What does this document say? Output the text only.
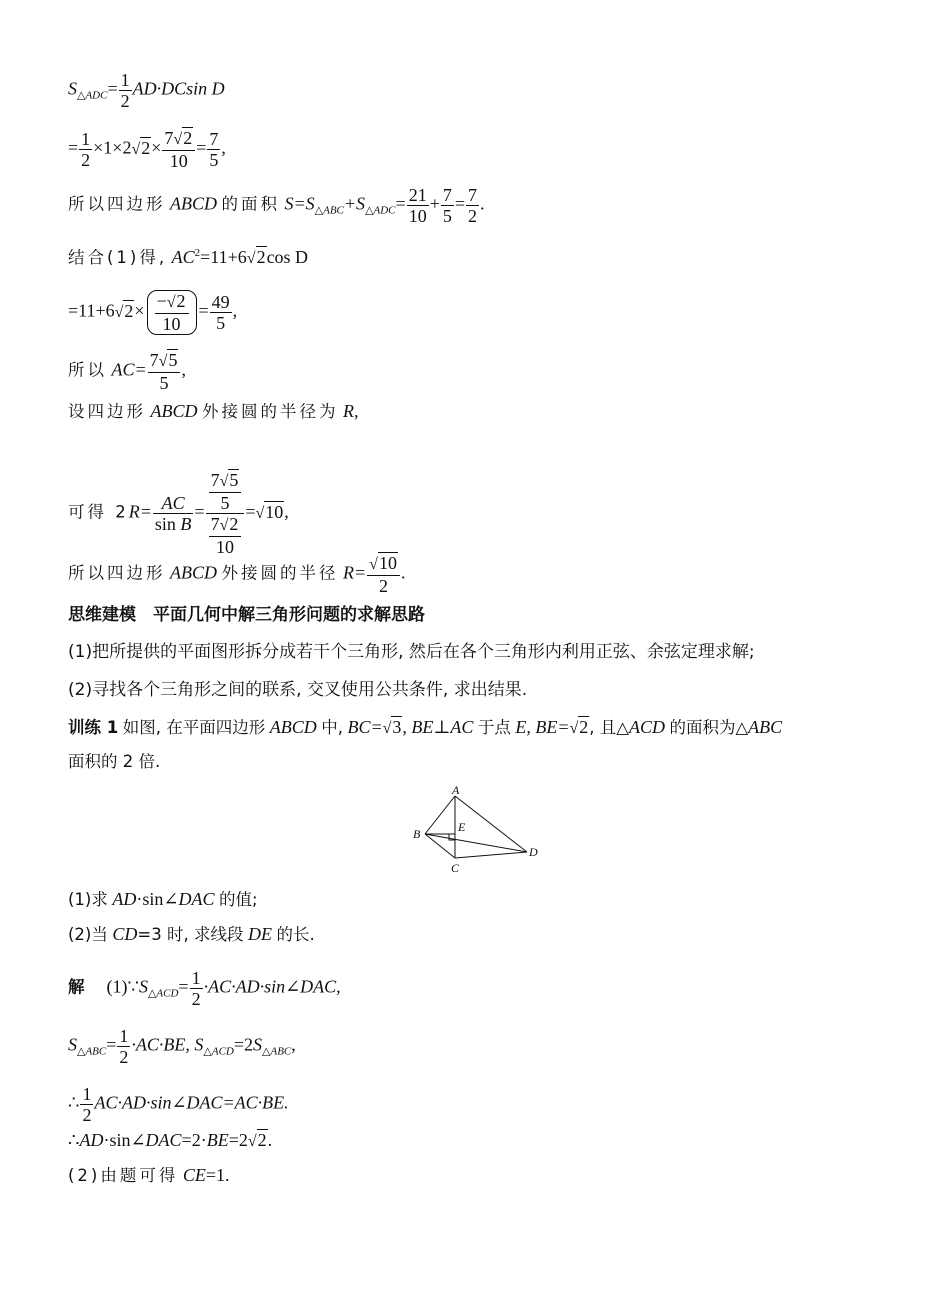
$S_{\triangle ADC}= \frac{1}{2} AD\cdot DCsin$ D
= $\frac{1}{2} \times 1\times 2√2\times \frac{7√2}{10} = \frac{7}{5}$ ,
所以四边形 ABCD 的面积 $S=S_{\triangle ABC}+S_{\triangle ADC}= \frac{21}{10} + \frac{7}{5} = \frac{7}{2}$ .
结合(1)得, $AC^2=11+6√2\cos$ D
$=11+6√2\times \frac{-√2}{10} = \frac{49}{5}$ ,
所以 $AC= \frac{7√5}{5}$ ,
设四边形 ABCD 外接圆的半径为 R,
可得 $2R= \frac{AC}{\text{sin B}} = \frac{\frac{7√5}{5}}{\frac{7√2}{10}} =√10$,
所以四边形 ABCD 外接圆的半径 $R= \frac{√10}{2}$ .
思维建模　平面几何中解三角形问题的求解思路
(1)把所提供的平面图形拆分成若干个三角形, 然后在各个三角形内利用正弦、余弦定理求解;
(2)寻找各个三角形之间的联系, 交叉使用公共条件, 求出结果.
训练 1 如图, 在平面四边形 ABCD 中, BC=√3, BE⊥AC 于点 E, BE=√2, 且△ACD 的面积为△ABC
面积的 2 倍.
A
B
C
D
E
(1)求 AD·sin∠DAC 的值;
(2)当 CD=3 时, 求线段 DE 的长.
解 $(1)\because S_{\triangle ACD}= \frac{1}{2}$ ·AC·AD·sin∠DAC,
$S_{\triangle ABC}= \frac{1}{2} \cdot AC\cdot BE$, $S_{\triangle ACD}=2S_{\triangle ABC}$,
∴ $\frac{1}{2}$ AC·AD·sin∠DAC=AC·BE.
∴AD·sin∠DAC=2·BE=2√2.
(2)由题可得 CE=1.
